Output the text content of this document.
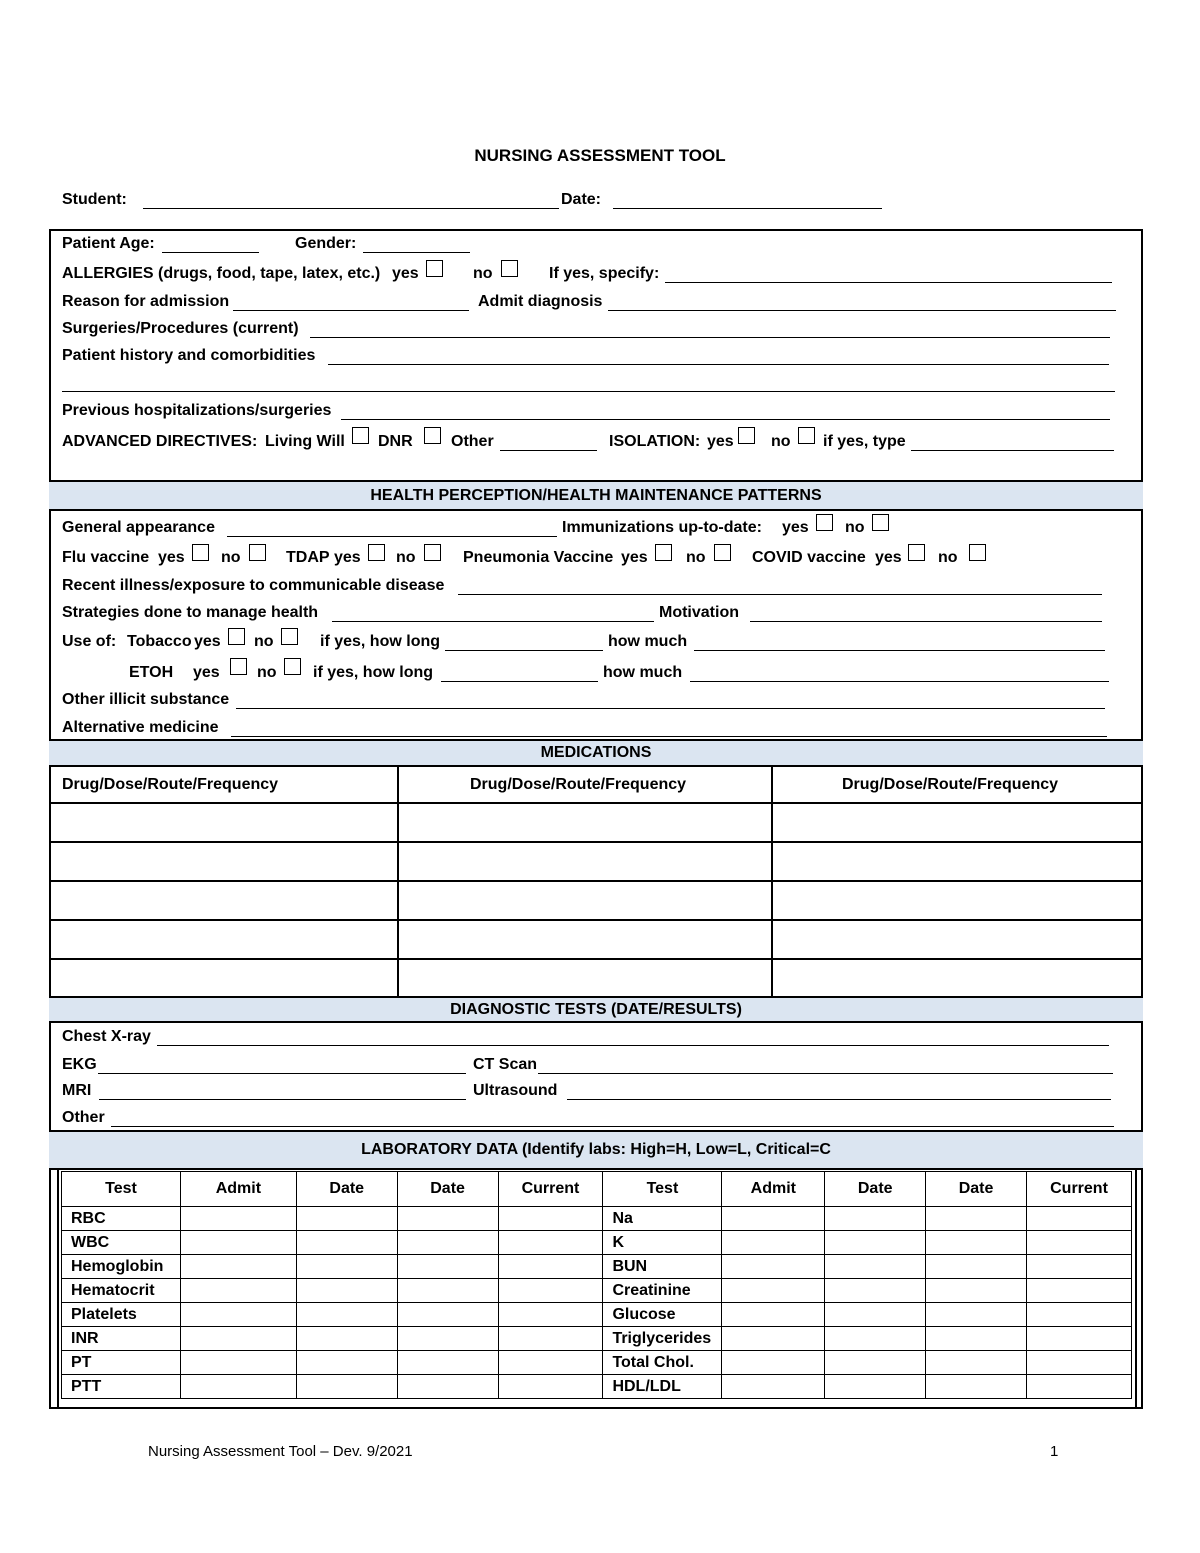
NURSING ASSESSMENT TOOL
Student:	Date:
Patient Age:	Gender:
ALLERGIES (drugs, food, tape, latex, etc.) yes	no	If yes, specify:
Reason for admission	Admit diagnosis
Surgeries/Procedures (current)
Patient history and comorbidities
Previous hospitalizations/surgeries
ADVANCED DIRECTIVES: Living Will DNR Other	ISOLATION: yes no if yes, type
HEALTH PERCEPTION/HEALTH MAINTENANCE PATTERNS
General appearance	Immunizations up-to-date: yes no
Flu vaccine yes no	TDAP yes no	Pneumonia Vaccine yes no	COVID vaccine yes no
Recent illness/exposure to communicable disease
Strategies done to manage health	Motivation
Use of: Tobacco yes no	if yes, how long	how much
ETOH yes no if yes, how long	how much
Other illicit substance
Alternative medicine
MEDICATIONS
Drug/Dose/Route/Frequency	Drug/Dose/Route/Frequency	Drug/Dose/Route/Frequency
DIAGNOSTIC TESTS (DATE/RESULTS)
Chest X-ray
EKG	CT Scan
MRI	Ultrasound
Other
LABORATORY DATA (Identify labs: High=H, Low=L, Critical=C
Test	Admit	Date	Date	Current	Test	Admit	Date	Date	Current
RBC					Na				
WBC					K				
Hemoglobin					BUN				
Hematocrit					Creatinine				
Platelets					Glucose				
INR					Triglycerides				
PT					Total Chol.				
PTT					HDL/LDL				
Nursing Assessment Tool – Dev. 9/2021	1
